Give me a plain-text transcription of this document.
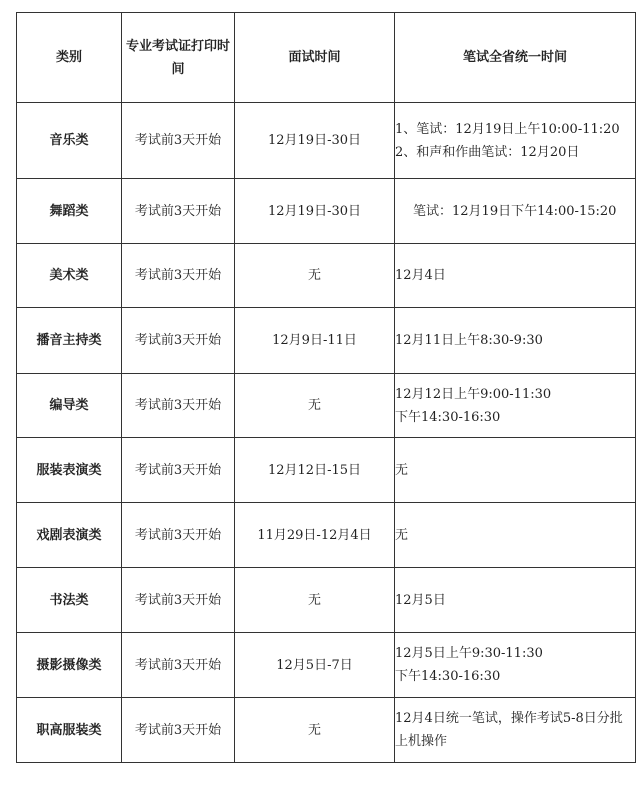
类别	专业考试证打印时间	面试时间	笔试全省统一时间
音乐类	考试前3天开始	12月19日-30日	1、笔试：12月19日上午10:00-11:20
2、和声和作曲笔试：12月20日

舞蹈类	考试前3天开始	12月19日-30日	笔试：12月19日下午14:00-15:20

美术类	考试前3天开始	无	12月4日

播音主持类	考试前3天开始	12月9日-11日	12月11日上午8:30-9:30

编导类	考试前3天开始	无	12月12日上午9:00-11:30
下午14:30-16:30

服装表演类	考试前3天开始	12月12日-15日	无

戏剧表演类	考试前3天开始	11月29日-12月4日	无

书法类	考试前3天开始	无	12月5日

摄影摄像类	考试前3天开始	12月5日-7日	12月5日上午9:30-11:30
下午14:30-16:30

职高服装类	考试前3天开始	无	12月4日统一笔试，操作考试5-8日分批上机操作
